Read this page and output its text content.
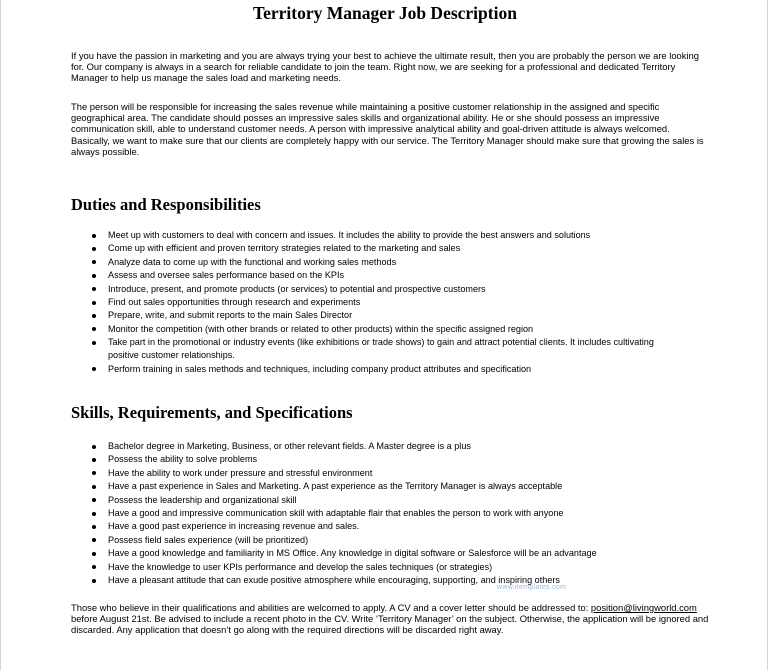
Territory Manager Job Description

If you have the passion in marketing and you are always trying your best to achieve the ultimate result, then you are probably the person we are looking for. Our company is always in a search for reliable candidate to join the team. Right now, we are seeking for a professional and dedicated Territory Manager to help us manage the sales load and marketing needs.

The person will be responsible for increasing the sales revenue while maintaining a positive customer relationship in the assigned and specific geographical area. The candidate should posses an impressive sales skills and organizational ability. He or she should possess an impressive communication skill, able to understand customer needs. A person with impressive analytical ability and goal-driven attitude is always welcomed. Basically, we want to make sure that our clients are completely happy with our service. The Territory Manager should make sure that growing the sales is always possible.

Duties and Responsibilities
Meet up with customers to deal with concern and issues. It includes the ability to provide the best answers and solutions
Come up with efficient and proven territory strategies related to the marketing and sales
Analyze data to come up with the functional and working sales methods
Assess and oversee sales performance based on the KPIs
Introduce, present, and promote products (or services) to potential and prospective customers
Find out sales opportunities through research and experiments
Prepare, write, and submit reports to the main Sales Director
Monitor the competition (with other brands or related to other products) within the specific assigned region
Take part in the promotional or industry events (like exhibitions or trade shows) to gain and attract potential clients. It includes cultivating positive customer relationships.
Perform training in sales methods and techniques, including company product attributes and specification
Skills, Requirements, and Specifications
Bachelor degree in Marketing, Business, or other relevant fields. A Master degree is a plus
Possess the ability to solve problems
Have the ability to work under pressure and stressful environment
Have a past experience in Sales and Marketing. A past experience as the Territory Manager is always acceptable
Possess the leadership and organizational skill
Have a good and impressive communication skill with adaptable flair that enables the person to work with anyone
Have a good past experience in increasing revenue and sales.
Possess field sales experience (will be prioritized)
Have a good knowledge and familiarity in MS Office. Any knowledge in digital software or Salesforce will be an advantage
Have the knowledge to user KPIs performance and develop the sales techniques (or strategies)
Have a pleasant attitude that can exude positive atmosphere while encouraging, supporting, and inspiring others
www.itemplates.com

Those who believe in their qualifications and abilities are welcomed to apply. A CV and a cover letter should be addressed to: position@livingworld.com before August 21st. Be advised to include a recent photo in the CV. Write ‘Territory Manager’ on the subject. Otherwise, the application will be ignored and discarded. Any application that doesn’t go along with the required directions will be discarded right away.
